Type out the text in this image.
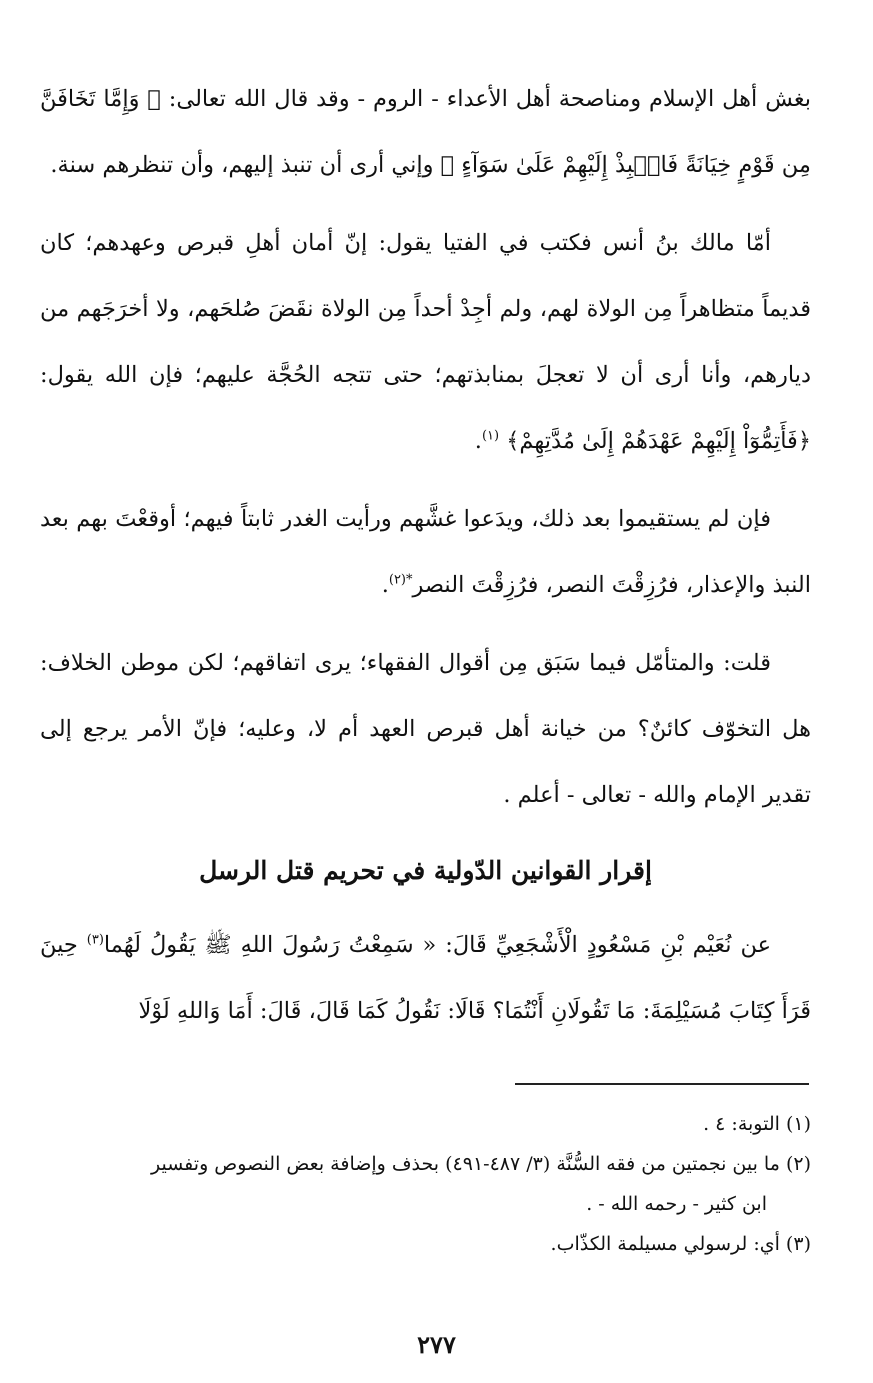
بغش أهل الإسلام ومناصحة أهل الأعداء - الروم - وقد قال الله تعالى: ﴿ وَإِمَّا تَخَافَنَّ مِن قَوْمٍ خِيَانَةً فَانۢبِذْ إِلَيْهِمْ عَلَىٰ سَوَآءٍ ﴾ وإني أرى أن تنبذ إليهم، وأن تنظرهم سنة.

أمّا مالك بنُ أنس فكتب في الفتيا يقول: إنّ أمان أهلِ قبرص وعهدهم؛ كان قديماً متظاهراً مِن الولاة لهم، ولم أجِدْ أحداً مِن الولاة نقَضَ صُلحَهم، ولا أخرَجَهم من ديارهم، وأنا أرى أن لا تعجلَ بمنابذتهم؛ حتى تتجه الحُجَّة عليهم؛ فإن الله يقول: ﴿فَأَتِمُّوٓاْ إِلَيْهِمْ عَهْدَهُمْ إِلَىٰ مُدَّتِهِمْ﴾ $^{(١)}$.

فإن لم يستقيموا بعد ذلك، ويدَعوا غشَّهم ورأيت الغدر ثابتاً فيهم؛ أوقعْتَ بهم بعد النبذ والإعذار، فرُزِقْتَ النصر، فرُزِقْتَ النصر$^{*(٢)}$.

قلت: والمتأمّل فيما سَبَق مِن أقوال الفقهاء؛ يرى اتفاقهم؛ لكن موطن الخلاف: هل التخوّف كائنٌ؟ من خيانة أهل قبرص العهد أم لا، وعليه؛ فإنّ الأمر يرجع إلى تقدير الإمام والله - تعالى - أعلم .

إقرار القوانين الدّولية في تحريم قتل الرسل

عن نُعَيْم بْنِ مَسْعُودٍ الْأَشْجَعِيِّ قَالَ: « سَمِعْتُ رَسُولَ اللهِ ﷺ يَقُولُ لَهُما$^{(٣)}$ حِينَ قَرَأَ كِتَابَ مُسَيْلِمَةَ: مَا تَقُولَانِ أَنْتُمَا؟ قَالَا: نَقُولُ كَمَا قَالَ، قَالَ: أَمَا وَاللهِ لَوْلَا

(١) التوبة: ٤ .

(٢) ما بين نجمتين من فقه السُّنَّة (٣/ ٤٨٧-٤٩١) بحذف وإضافة بعض النصوص وتفسير

ابن كثير - رحمه الله - .

(٣) أي: لرسولي مسيلمة الكذّاب.

٢٧٧
